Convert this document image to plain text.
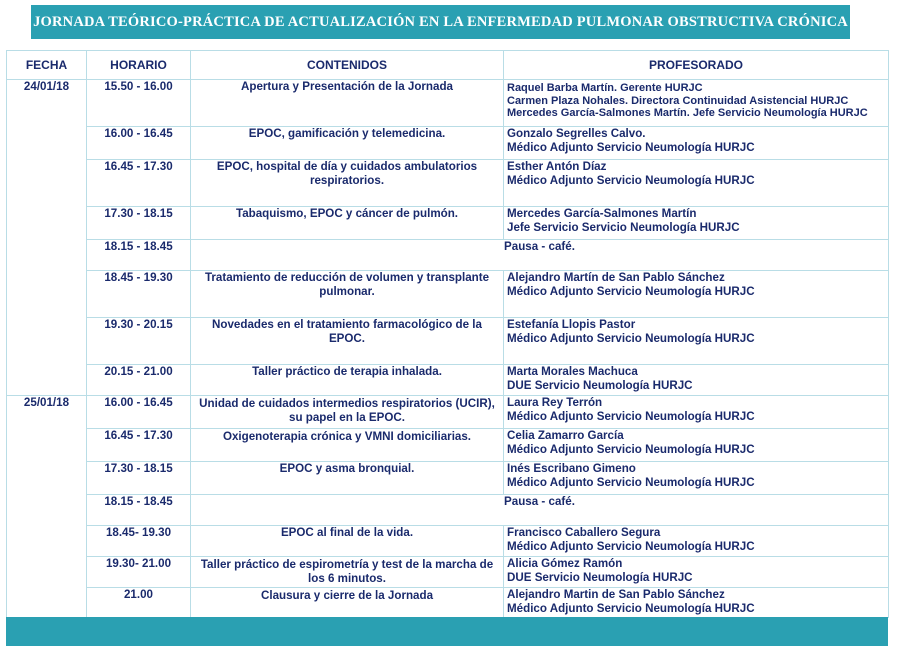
JORNADA TEÓRICO-PRÁCTICA DE ACTUALIZACIÓN EN LA ENFERMEDAD PULMONAR OBSTRUCTIVA CRÓNICA
FECHA	HORARIO	CONTENIDOS	PROFESORADO
24/01/18	15.50 - 16.00	Apertura y Presentación de la Jornada	Raquel Barba Martín. Gerente HURJC
Carmen Plaza Nohales. Directora Continuidad Asistencial HURJC
Mercedes García-Salmones Martín. Jefe Servicio Neumología HURJC

	16.00 - 16.45	EPOC, gamificación y telemedicina.	Gonzalo Segrelles Calvo.
Médico Adjunto Servicio Neumología HURJC

	16.45 - 17.30	EPOC, hospital de día y cuidados ambulatorios respiratorios.	Esther Antón Díaz
Médico Adjunto Servicio Neumología HURJC

	17.30 - 18.15	Tabaquismo, EPOC y cáncer de pulmón.	Mercedes García-Salmones Martín
Jefe Servicio Servicio Neumología HURJC

	18.15 - 18.45	Pausa - café.	
	18.45 - 19.30	Tratamiento de reducción de volumen y transplante pulmonar.	Alejandro Martín de San Pablo Sánchez
Médico Adjunto Servicio Neumología HURJC

	19.30 - 20.15	Novedades en el tratamiento farmacológico de la EPOC.	Estefanía Llopis Pastor
Médico Adjunto Servicio Neumología HURJC

	20.15 - 21.00	Taller práctico de terapia inhalada.	Marta Morales Machuca
DUE Servicio Neumología HURJC

25/01/18	16.00 - 16.45	Unidad de cuidados intermedios respiratorios (UCIR), su papel en la EPOC.	Laura Rey Terrón
Médico Adjunto Servicio Neumología HURJC

	16.45 - 17.30	Oxigenoterapia crónica y VMNI domiciliarias.	Celia Zamarro García
Médico Adjunto Servicio Neumología HURJC

	17.30 - 18.15	EPOC y asma bronquial.	Inés Escribano Gimeno
Médico Adjunto Servicio Neumología HURJC

	18.15 - 18.45	Pausa - café.	
	18.45- 19.30	EPOC al final de la vida.	Francisco Caballero Segura
Médico Adjunto Servicio Neumología HURJC

	19.30- 21.00	Taller práctico de espirometría y test de la marcha de los 6 minutos.	Alicia Gómez Ramón
DUE Servicio Neumología HURJC

	21.00	Clausura y cierre de la Jornada	Alejandro Martin de San Pablo Sánchez
Médico Adjunto Servicio Neumología HURJC
